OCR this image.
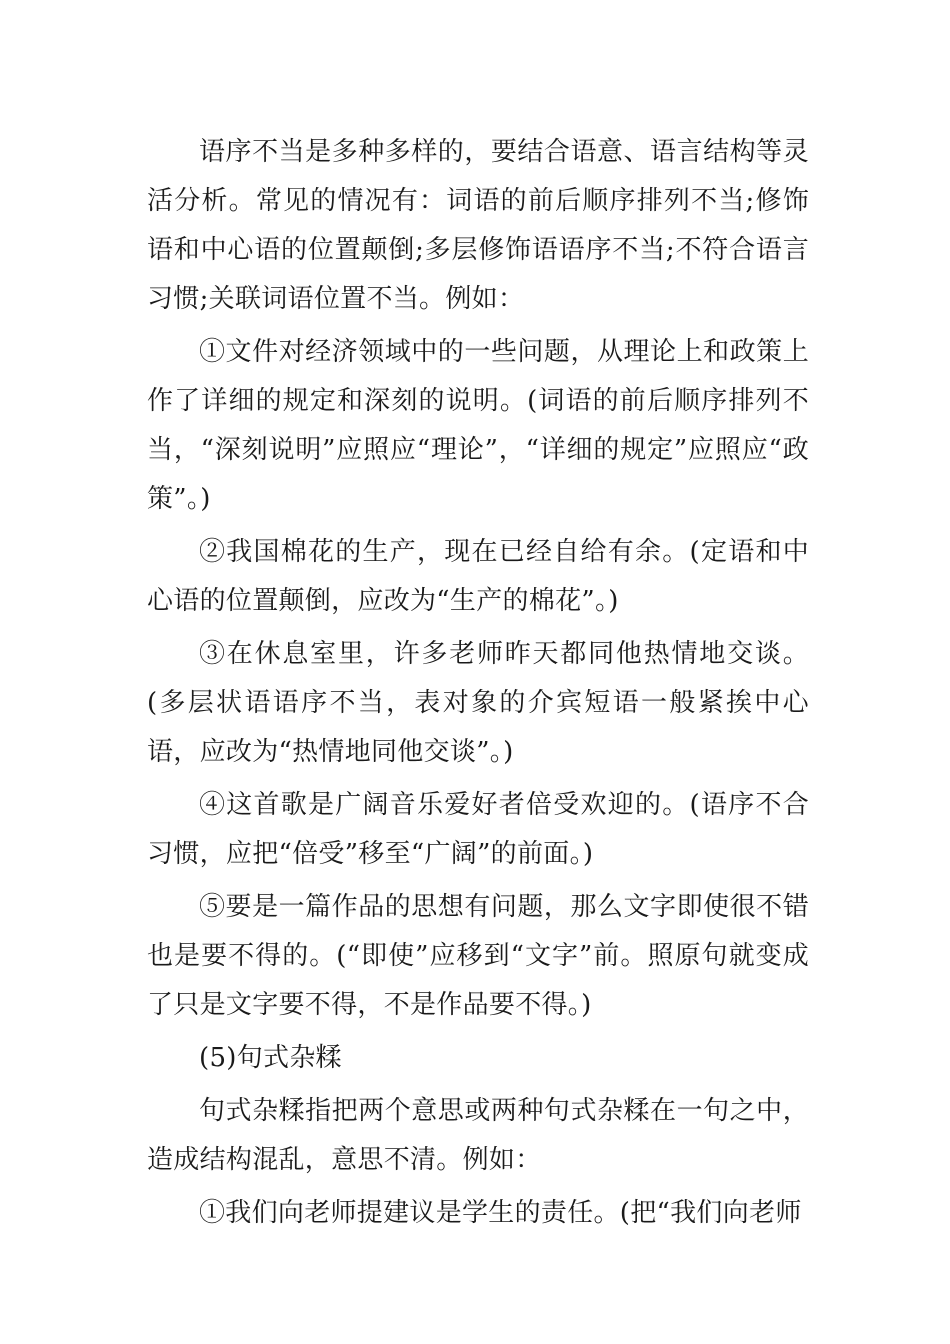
语序不当是多种多样的，要结合语意、语言结构等灵活分析。常见的情况有：词语的前后顺序排列不当;修饰语和中心语的位置颠倒;多层修饰语语序不当;不符合语言习惯;关联词语位置不当。例如：

①文件对经济领域中的一些问题，从理论上和政策上作了详细的规定和深刻的说明。(词语的前后顺序排列不当，“深刻说明”应照应“理论”，“详细的规定”应照应“政策”。)

②我国棉花的生产，现在已经自给有余。(定语和中心语的位置颠倒，应改为“生产的棉花”。)

③在休息室里，许多老师昨天都同他热情地交谈。(多层状语语序不当，表对象的介宾短语一般紧挨中心语，应改为“热情地同他交谈”。)

④这首歌是广阔音乐爱好者倍受欢迎的。(语序不合习惯，应把“倍受”移至“广阔”的前面。)

⑤要是一篇作品的思想有问题，那么文字即使很不错也是要不得的。(“即使”应移到“文字”前。照原句就变成了只是文字要不得，不是作品要不得。)

(5)句式杂糅

句式杂糅指把两个意思或两种句式杂糅在一句之中，造成结构混乱，意思不清。例如：

①我们向老师提建议是学生的责任。(把“我们向老师
